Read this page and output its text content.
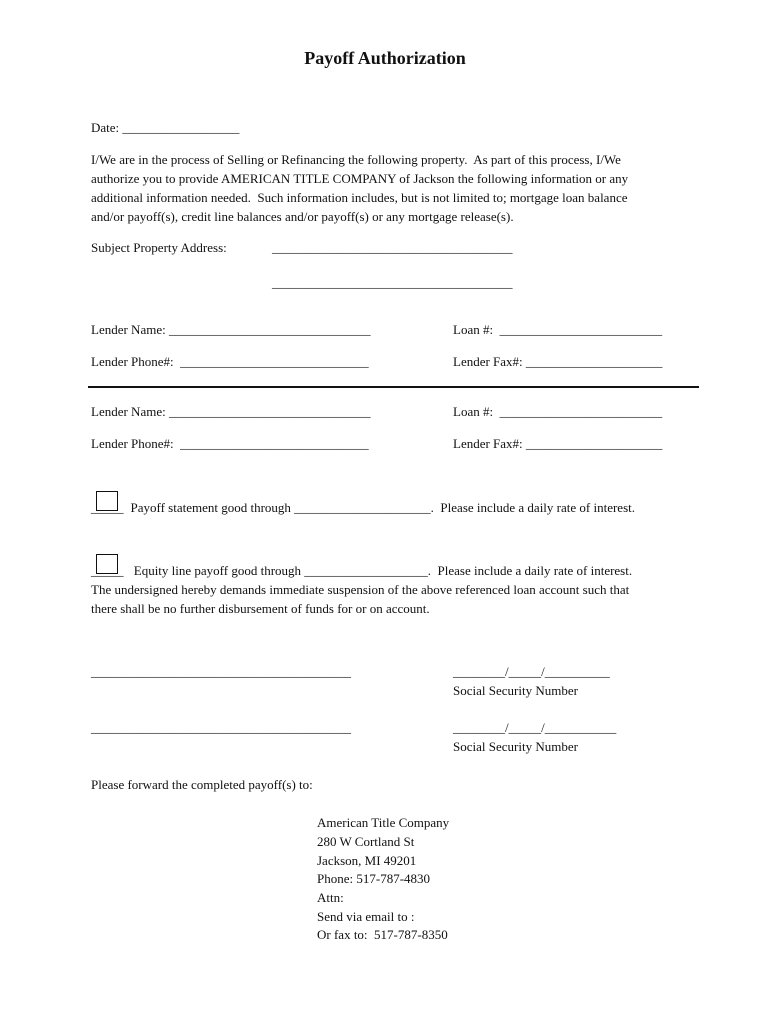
Payoff Authorization
Date: __________________
I/We are in the process of Selling or Refinancing the following property.  As part of this process, I/We
authorize you to provide AMERICAN TITLE COMPANY of Jackson the following information or any
additional information needed.  Such information includes, but is not limited to; mortgage loan balance
and/or payoff(s), credit line balances and/or payoff(s) or any mortgage release(s).
Subject Property Address:	_____________________________________
_____________________________________
Lender Name: _______________________________	Loan #:  _________________________
Lender Phone#:  _____________________________	Lender Fax#: _____________________
Lender Name: _______________________________	Loan #:  _________________________
Lender Phone#:  _____________________________	Lender Fax#: _____________________
_____ Payoff statement good through _____________________.  Please include a daily rate of interest.
_____ Equity line payoff good through ___________________.  Please include a daily rate of interest.
The undersigned hereby demands immediate suspension of the above referenced loan account such that
there shall be no further disbursement of funds for or on account.
________________________________________	________/_____/__________
Social Security Number
________________________________________	________/_____/___________
Social Security Number
Please forward the completed payoff(s) to:
American Title Company
280 W Cortland St
Jackson, MI 49201
Phone: 517-787-4830
Attn:
Send via email to :
Or fax to:  517-787-8350
